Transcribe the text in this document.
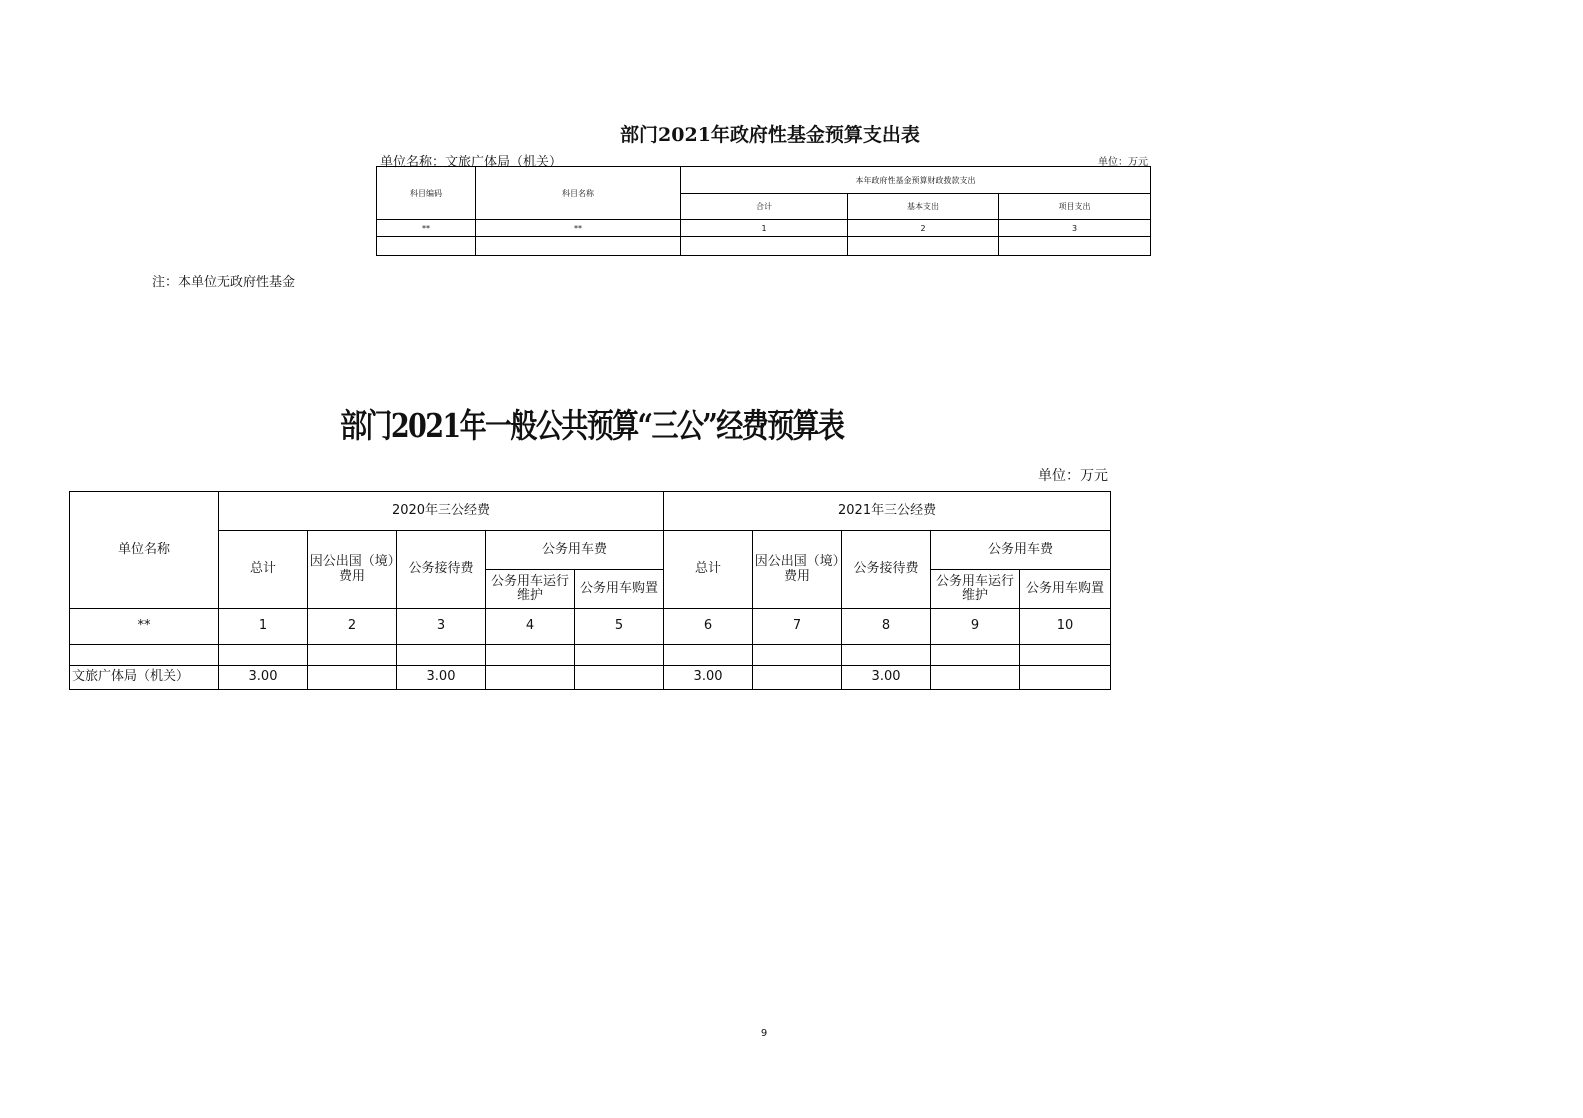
部门2021年政府性基金预算支出表
单位名称：文旅广体局（机关）	单位：万元
科目编码	科目名称	本年政府性基金预算财政拨款支出		
		合计	基本支出	项目支出
**	**	1	2	3

注：本单位无政府性基金
部门2021年一般公共预算“三公”经费预算表
单位：万元
单位名称	2020年三公经费					2021年三公经费				
	总计	因公出国（境）费用	公务接待费	公务用车费		总计	因公出国（境）费用	公务接待费	公务用车费	
				公务用车运行维护	公务用车购置				公务用车运行维护	公务用车购置
**	1	2	3	4	5	6	7	8	9	10

文旅广体局（机关）	3.00		3.00			3.00		3.00		
9
